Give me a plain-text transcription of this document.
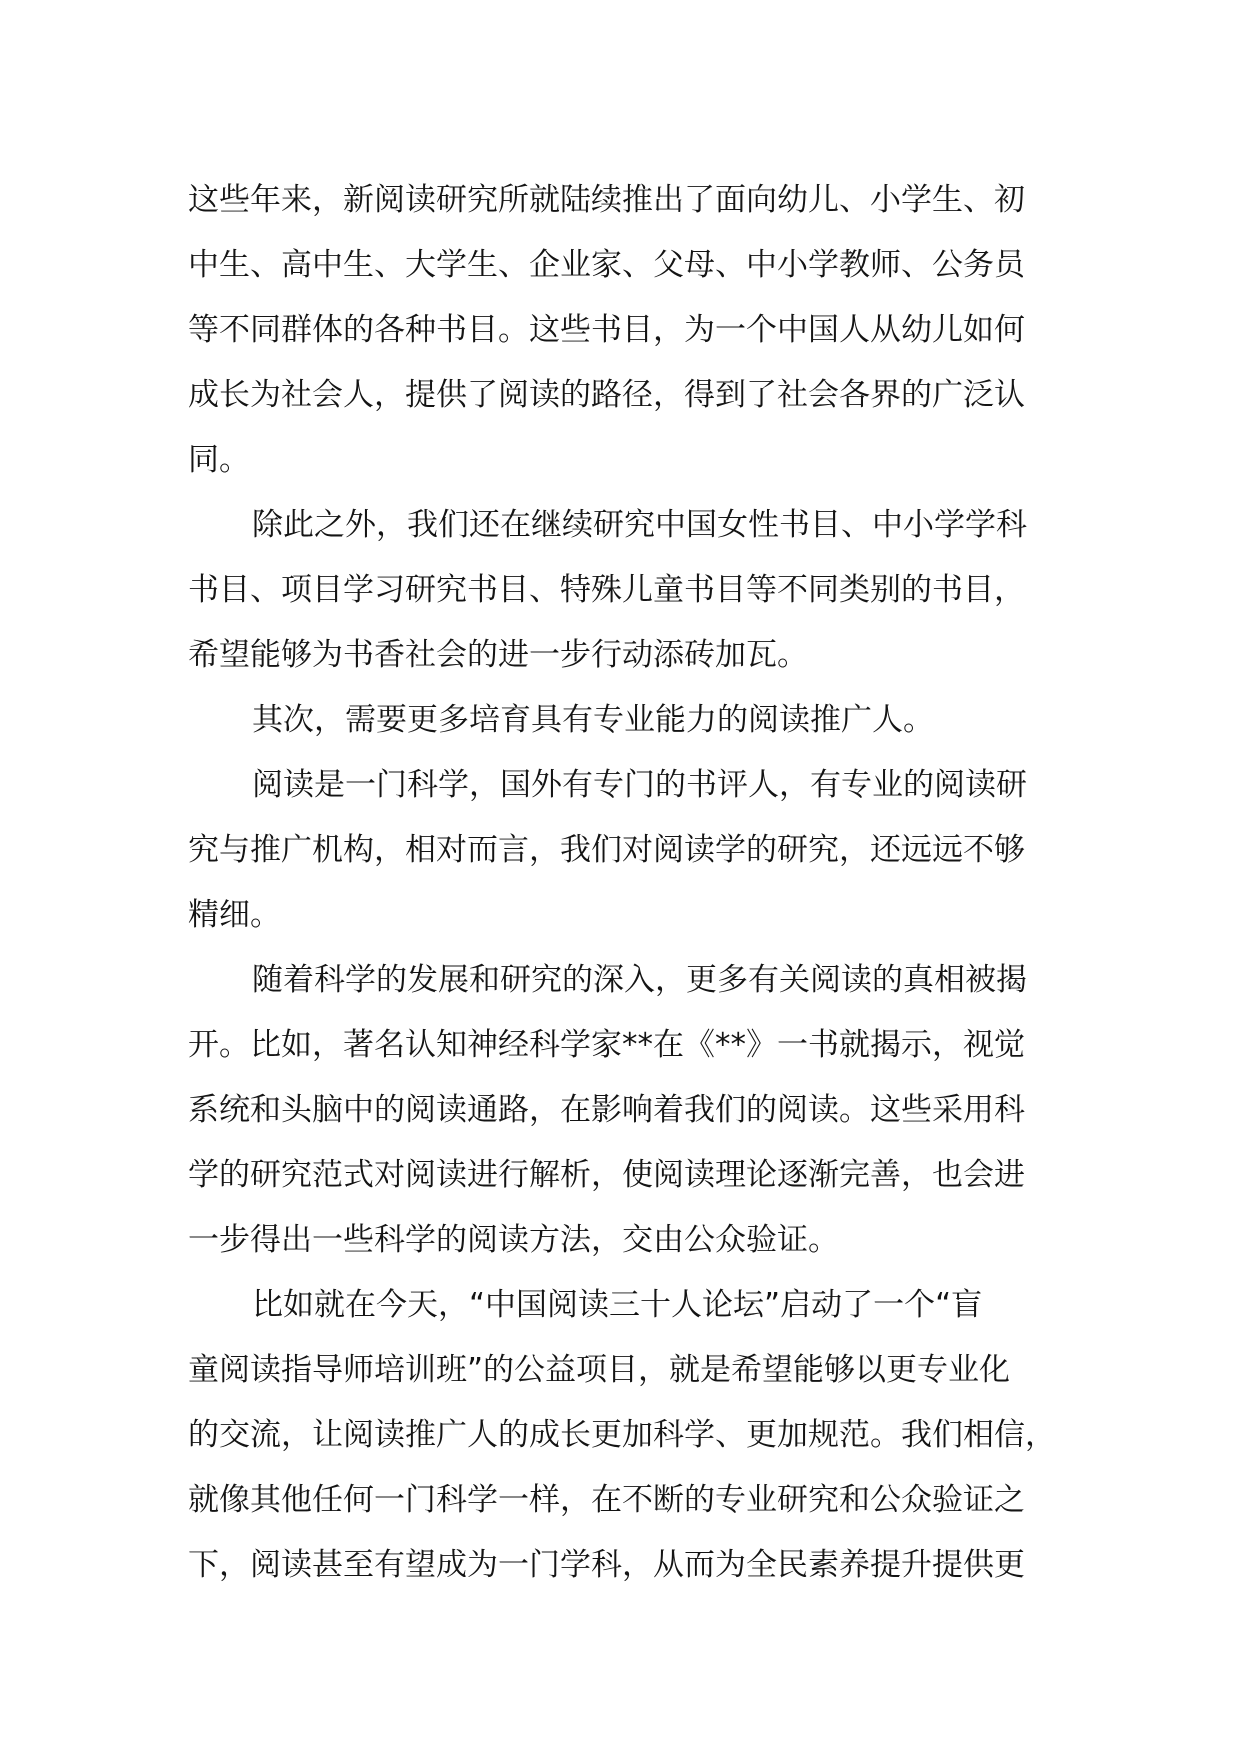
这些年来，新阅读研究所就陆续推出了面向幼儿、小学生、初
中生、高中生、大学生、企业家、父母、中小学教师、公务员
等不同群体的各种书目。这些书目，为一个中国人从幼儿如何
成长为社会人，提供了阅读的路径，得到了社会各界的广泛认
同。
除此之外，我们还在继续研究中国女性书目、中小学学科
书目、项目学习研究书目、特殊儿童书目等不同类别的书目，
希望能够为书香社会的进一步行动添砖加瓦。
其次，需要更多培育具有专业能力的阅读推广人。
阅读是一门科学，国外有专门的书评人，有专业的阅读研
究与推广机构，相对而言，我们对阅读学的研究，还远远不够
精细。
随着科学的发展和研究的深入，更多有关阅读的真相被揭
开。比如，著名认知神经科学家**在《**》一书就揭示，视觉
系统和头脑中的阅读通路，在影响着我们的阅读。这些采用科
学的研究范式对阅读进行解析，使阅读理论逐渐完善，也会进
一步得出一些科学的阅读方法，交由公众验证。
比如就在今天，“中国阅读三十人论坛”启动了一个“盲
童阅读指导师培训班”的公益项目，就是希望能够以更专业化
的交流，让阅读推广人的成长更加科学、更加规范。我们相信，
就像其他任何一门科学一样，在不断的专业研究和公众验证之
下，阅读甚至有望成为一门学科，从而为全民素养提升提供更
